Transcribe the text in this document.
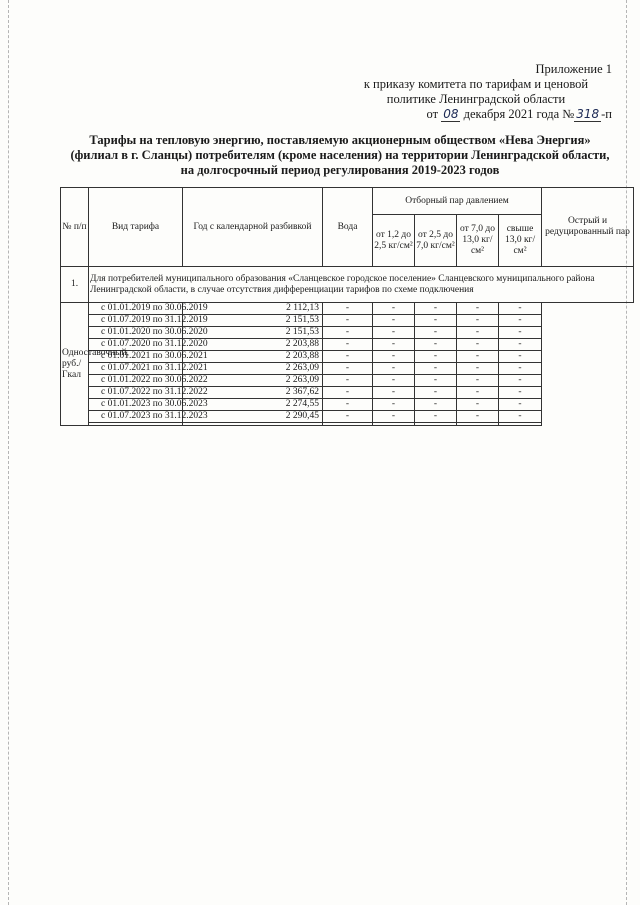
Приложение 1
к приказу комитета по тарифам и ценовой
политике Ленинградской области
от 08 декабря 2021 года № 318 -п
Тарифы на тепловую энергию, поставляемую акционерным обществом «Нева Энергия» (филиал в г. Сланцы) потребителям (кроме населения) на территории Ленинградской области, на долгосрочный период регулирования 2019-2023 годов
№ п/п	Вид тарифа	Год с календарной разбивкой	Вода	Отборный пар давлением				Острый и редуцированный пар
				от 1,2 до 2,5 кг/см²	от 2,5 до 7,0 кг/см²	от 7,0 до 13,0 кг/см²	свыше 13,0 кг/см²	
1.	Для потребителей муниципального образования «Сланцевское городское поселение» Сланцевского муниципального района Ленинградской области, в случае отсутствия дифференциации тарифов по схеме подключения							
Одноставочный, руб./Гкал	с 01.01.2019 по 30.06.2019	2 112,13	-	-	-	-	-	
	с 01.07.2019 по 31.12.2019	2 151,53	-	-	-	-	-	
	с 01.01.2020 по 30.06.2020	2 151,53	-	-	-	-	-	
	с 01.07.2020 по 31.12.2020	2 203,88	-	-	-	-	-	
	с 01.01.2021 по 30.06.2021	2 203,88	-	-	-	-	-	
	с 01.07.2021 по 31.12.2021	2 263,09	-	-	-	-	-	
	с 01.01.2022 по 30.06.2022	2 263,09	-	-	-	-	-	
	с 01.07.2022 по 31.12.2022	2 367,62	-	-	-	-	-	
	с 01.01.2023 по 30.06.2023	2 274,55	-	-	-	-	-	
	с 01.07.2023 по 31.12.2023	2 290,45	-	-	-	-	-	
